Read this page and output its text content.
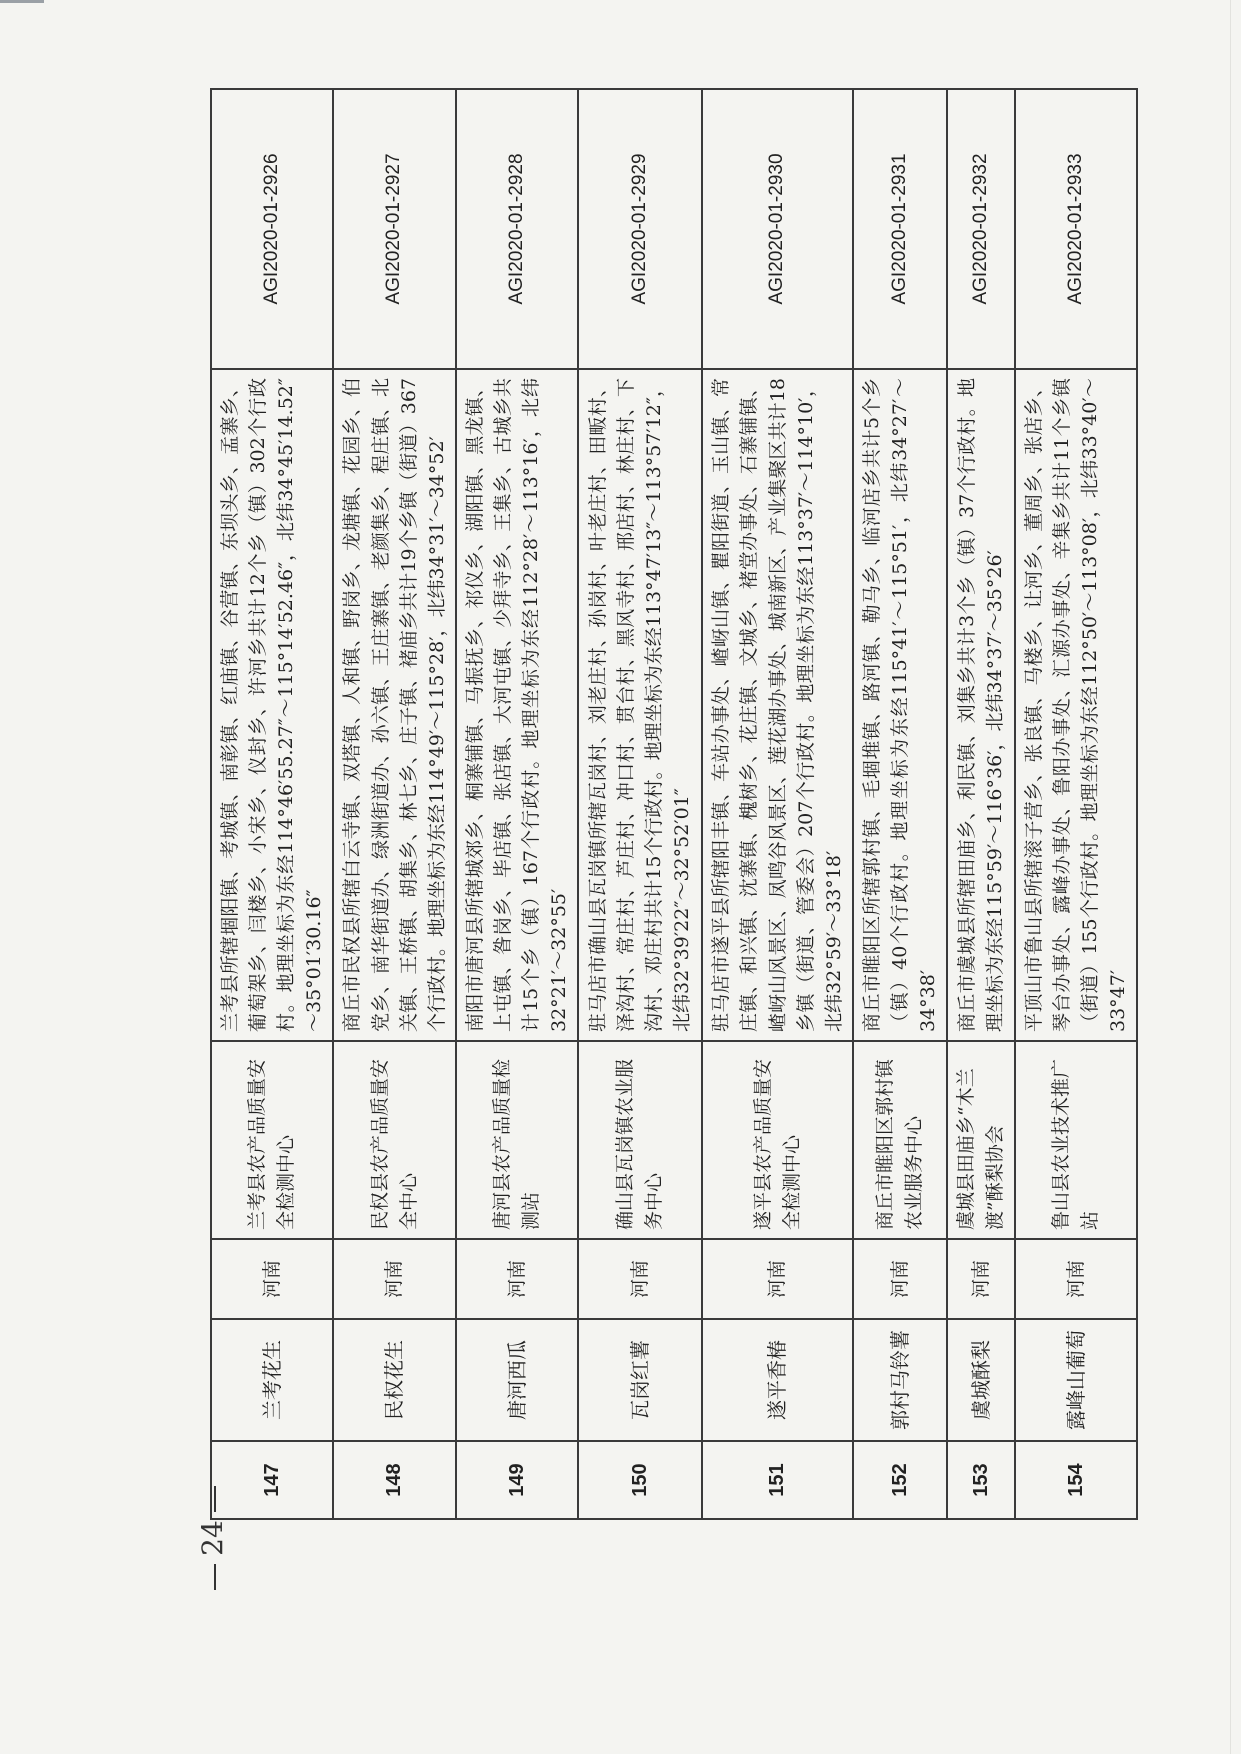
147	兰考花生	河南	兰考县农产品质量安全检测中心	兰考县所辖堌阳镇、考城镇、南彰镇、红庙镇、谷营镇、东坝头乡、孟寨乡、葡萄架乡、闫楼乡、小宋乡、仪封乡、许河乡共计12个乡（镇）302个行政村。地理坐标为东经114°46′55.27″～115°14′52.46″，北纬34°45′14.52″～35°01′30.16″	AGI2020-01-2926
148	民权花生	河南	民权县农产品质量安全中心	商丘市民权县所辖白云寺镇、双塔镇、人和镇、野岗乡、龙塘镇、花园乡、伯党乡、南华街道办、绿洲街道办、孙六镇、王庄寨镇、老颜集乡、程庄镇、北关镇、王桥镇、胡集乡、林七乡、庄子镇、褚庙乡共计19个乡镇（街道）367个行政村。地理坐标为东经114°49′～115°28′，北纬34°31′～34°52′	AGI2020-01-2927
149	唐河西瓜	河南	唐河县农产品质量检测站	南阳市唐河县所辖城郊乡、桐寨铺镇、马振抚乡、祁仪乡、湖阳镇、黑龙镇、上屯镇、昝岗乡、毕店镇、张店镇、大河屯镇、少拜寺乡、王集乡、古城乡共计15个乡（镇）167个行政村。地理坐标为东经112°28′～113°16′，北纬32°21′～32°55′	AGI2020-01-2928
150	瓦岗红薯	河南	确山县瓦岗镇农业服务中心	驻马店市确山县瓦岗镇所辖瓦岗村、刘老庄村、孙岗村、叶老庄村、田畈村、泽沟村、常庄村、芦庄村、冲口村、贯台村、黑风寺村、邢店村、林庄村、下沟村、邓庄村共计15个行政村。地理坐标为东经113°47′13″～113°57′12″，北纬32°39′22″～32°52′01″	AGI2020-01-2929
151	遂平香椿	河南	遂平县农产品质量安全检测中心	驻马店市遂平县所辖阳丰镇、车站办事处、嵖岈山镇、瞿阳街道、玉山镇、常庄镇、和兴镇、沈寨镇、槐树乡、花庄镇、文城乡、褚堂办事处、石寨铺镇、嵖岈山风景区、凤鸣谷风景区、莲花湖办事处、城南新区、产业集聚区共计18乡镇（街道、管委会）207个行政村。地理坐标为东经113°37′～114°10′，北纬32°59′～33°18′	AGI2020-01-2930
152	郭村马铃薯	河南	商丘市睢阳区郭村镇农业服务中心	商丘市睢阳区所辖郭村镇、毛堌堆镇、路河镇、勒马乡、临河店乡共计5个乡（镇）40个行政村。地理坐标为东经115°41′～115°51′，北纬34°27′～34°38′	AGI2020-01-2931
153	虞城酥梨	河南	虞城县田庙乡“木兰渡”酥梨协会	商丘市虞城县所辖田庙乡、利民镇、刘集乡共计3个乡（镇）37个行政村。地理坐标为东经115°59′～116°36′，北纬34°37′～35°26′	AGI2020-01-2932
154	露峰山葡萄	河南	鲁山县农业技术推广站	平顶山市鲁山县所辖滚子营乡、张良镇、马楼乡、让河乡、董周乡、张店乡、琴台办事处、露峰办事处、鲁阳办事处、汇源办事处、辛集乡共计11个乡镇（街道）155个行政村。地理坐标为东经112°50′～113°08′，北纬33°40′～33°47′	AGI2020-01-2933
24
